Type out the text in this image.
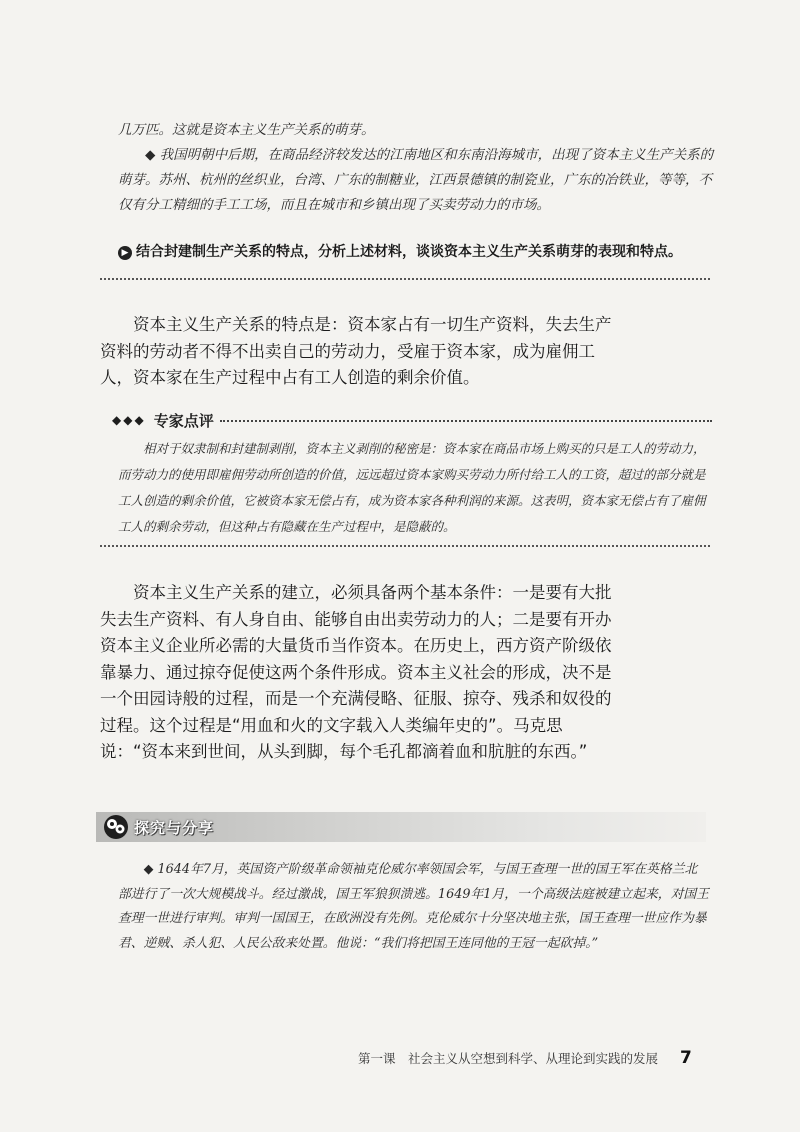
几万匹。这就是资本主义生产关系的萌芽。

◆ 我国明朝中后期，在商品经济较发达的江南地区和东南沿海城市，出现了资本主义生产关系的萌芽。苏州、杭州的丝织业，台湾、广东的制糖业，江西景德镇的制瓷业，广东的冶铁业，等等，不仅有分工精细的手工工场，而且在城市和乡镇出现了买卖劳动力的市场。

▶ 结合封建制生产关系的特点，分析上述材料，谈谈资本主义生产关系萌芽的表现和特点。

资本主义生产关系的特点是：资本家占有一切生产资料，失去生产资料的劳动者不得不出卖自己的劳动力，受雇于资本家，成为雇佣工人，资本家在生产过程中占有工人创造的剩余价值。

◆◆◆ 专家点评

相对于奴隶制和封建制剥削，资本主义剥削的秘密是：资本家在商品市场上购买的只是工人的劳动力，而劳动力的使用即雇佣劳动所创造的价值，远远超过资本家购买劳动力所付给工人的工资，超过的部分就是工人创造的剩余价值，它被资本家无偿占有，成为资本家各种利润的来源。这表明，资本家无偿占有了雇佣工人的剩余劳动，但这种占有隐藏在生产过程中，是隐蔽的。

资本主义生产关系的建立，必须具备两个基本条件：一是要有大批失去生产资料、有人身自由、能够自由出卖劳动力的人；二是要有开办资本主义企业所必需的大量货币当作资本。在历史上，西方资产阶级依靠暴力、通过掠夺促使这两个条件形成。资本主义社会的形成，决不是一个田园诗般的过程，而是一个充满侵略、征服、掠夺、残杀和奴役的过程。这个过程是“用血和火的文字载入人类编年史的”。马克思说：“资本来到世间，从头到脚，每个毛孔都滴着血和肮脏的东西。”

探究与分享

◆ 1644年7月，英国资产阶级革命领袖克伦威尔率领国会军，与国王查理一世的国王军在英格兰北部进行了一次大规模战斗。经过激战，国王军狼狈溃逃。1649年1月，一个高级法庭被建立起来，对国王查理一世进行审判。审判一国国王，在欧洲没有先例。克伦威尔十分坚决地主张，国王查理一世应作为暴君、逆贼、杀人犯、人民公敌来处置。他说：“我们将把国王连同他的王冠一起砍掉。”

第一课　社会主义从空想到科学、从理论到实践的发展 7
